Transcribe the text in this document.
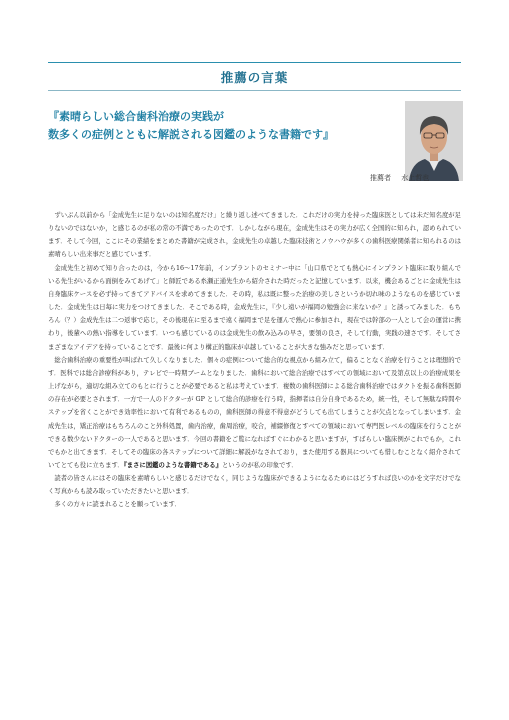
推薦の言葉
『素晴らしい総合歯科治療の実践が
数多くの症例とともに解説される図鑑のような書籍です』
推薦者 水上哲也

ずいぶん以前から「金成先生に足りないのは知名度だけ」と繰り返し述べてきました．これだけの実力を持った臨床医としては未だ知名度が足りないのではないか，と感じるのが私の常の不満であったのです．しかしながら現在，金成先生はその実力が広く全国的に知られ，認められています．そして今回，ここにその業績をまとめた書籍が完成され，金成先生の卓越した臨床技術とノウハウが多くの歯科医療関係者に知られるのは素晴らしい出来事だと感じています．

金成先生と初めて知り合ったのは，今から16～17年前，インプラントのセミナー中に「山口県でとても熱心にインプラント臨床に取り組んでいる先生がいるから面倒をみてあげて」と師匠である糸瀬正通先生から紹介された時だったと記憶しています．以来，機会あるごとに金成先生は自身臨床ケースを必ず持ってきてアドバイスを求めてきました．その時，私は既に整った治療の美しさというか切れ味のようなものを感じていました．金成先生は日毎に実力をつけてきました．そこである時，金成先生に，『少し遠いが福岡の勉強会に来ないか？』と誘ってみました．もちろん（？）金成先生は二つ返事で応じ，その後現在に至るまで遠く福岡まで足を運んで熱心に参加され，現在では幹部の一人として会の運営に携わり，後輩への熱い指導をしています．いつも感じているのは金成先生の飲み込みの早さ，要領の良さ，そして行動，実践の速さです．そしてさまざまなアイデアを持っていることです．最後に何より構正的臨床が卓越していることが大きな強みだと思っています．

総合歯科治療の重要性が叫ばれて久しくなりました．個々の症例について総合的な視点から組み立て，偏ることなく治療を行うことは理想的です．医科では総合診療科があり，テレビで一時期ブームとなりました．歯科において総合治療ではすべての領域において及第点以上の治療成果を上げながら，適切な組み立てのもとに行うことが必要であると私は考えています．複数の歯科医師による総合歯科治療ではタクトを振る歯科医師の存在が必要とされます．一方で一人のドクターが GP として総合的診療を行う時，指揮者は自分自身であるため，統一性，そして無駄な時間やステップを省くことができ効率性において有利であるものの，歯科医師の得意不得意がどうしても出てしまうことが欠点となってしまいます．金成先生は，矯正治療はもちろんのこと外科処置，歯内治療，歯周治療，咬合，補綴修復とすべての領域において専門医レベルの臨床を行うことができる数少ないドクターの一人であると思います．今回の書籍をご覧になればすぐにわかると思いますが，すばらしい臨床例がこれでもか，これでもかと出てきます．そしてその臨床の各ステップについて詳細に解説がなされており，また使用する器具についても惜しむことなく紹介されていてとても役に立ちます．『まさに図鑑のような書籍である』というのが私の印象です．

読者の皆さんにはその臨床を素晴らしいと感じるだけでなく，同じような臨床ができるようになるためにはどうすれば良いのかを文字だけでなく写真からも読み取っていただきたいと思います．

多くの方々に読まれることを願っています．
